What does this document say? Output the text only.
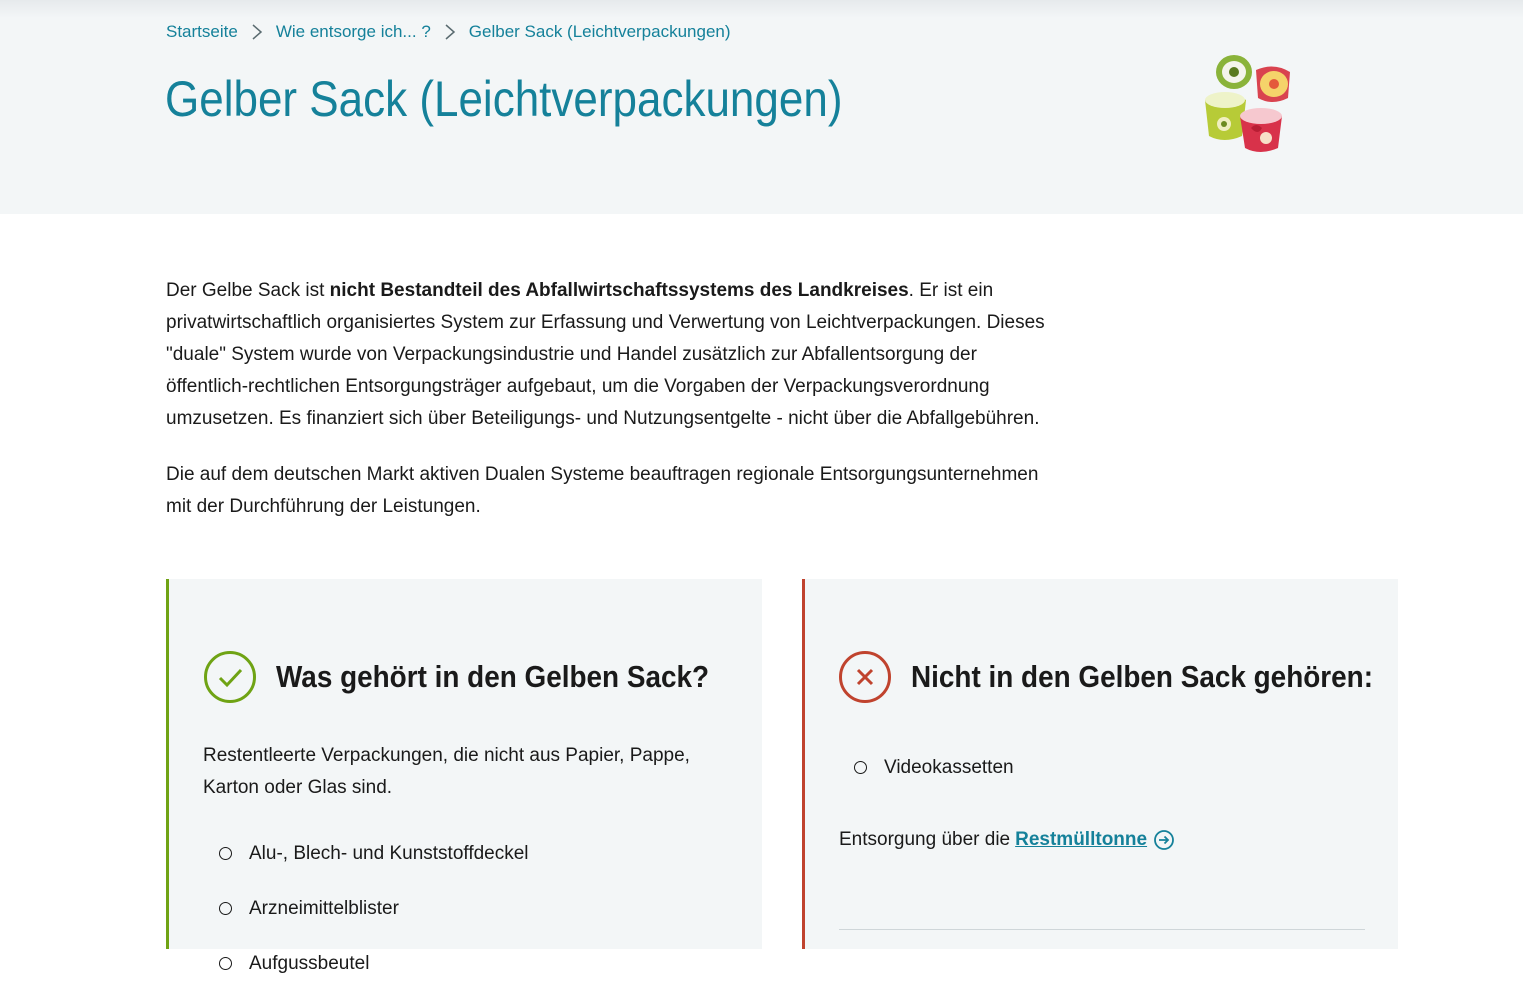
Startseite Wie entsorge ich... ? Gelber Sack (Leichtverpackungen)
Gelber Sack (Leichtverpackungen)

Der Gelbe Sack ist nicht Bestandteil des Abfallwirtschaftssystems des Landkreises. Er ist ein privatwirtschaftlich organisiertes System zur Erfassung und Verwertung von Leichtverpackungen. Dieses "duale" System wurde von Verpackungsindustrie und Handel zusätzlich zur Abfallentsorgung der öffentlich-rechtlichen Entsorgungsträger aufgebaut, um die Vorgaben der Verpackungsverordnung umzusetzen. Es finanziert sich über Beteiligungs- und Nutzungsentgelte - nicht über die Abfallgebühren.

Die auf dem deutschen Markt aktiven Dualen Systeme beauftragen regionale Entsorgungsunternehmen mit der Durchführung der Leistungen.

Was gehört in den Gelben Sack?

Restentleerte Verpackungen, die nicht aus Papier, Pappe, Karton oder Glas sind.

Alu-, Blech- und Kunststoffdeckel
Arzneimittelblister
Aufgussbeutel
Nicht in den Gelben Sack gehören:
Videokassetten

Entsorgung über die Restmülltonne
